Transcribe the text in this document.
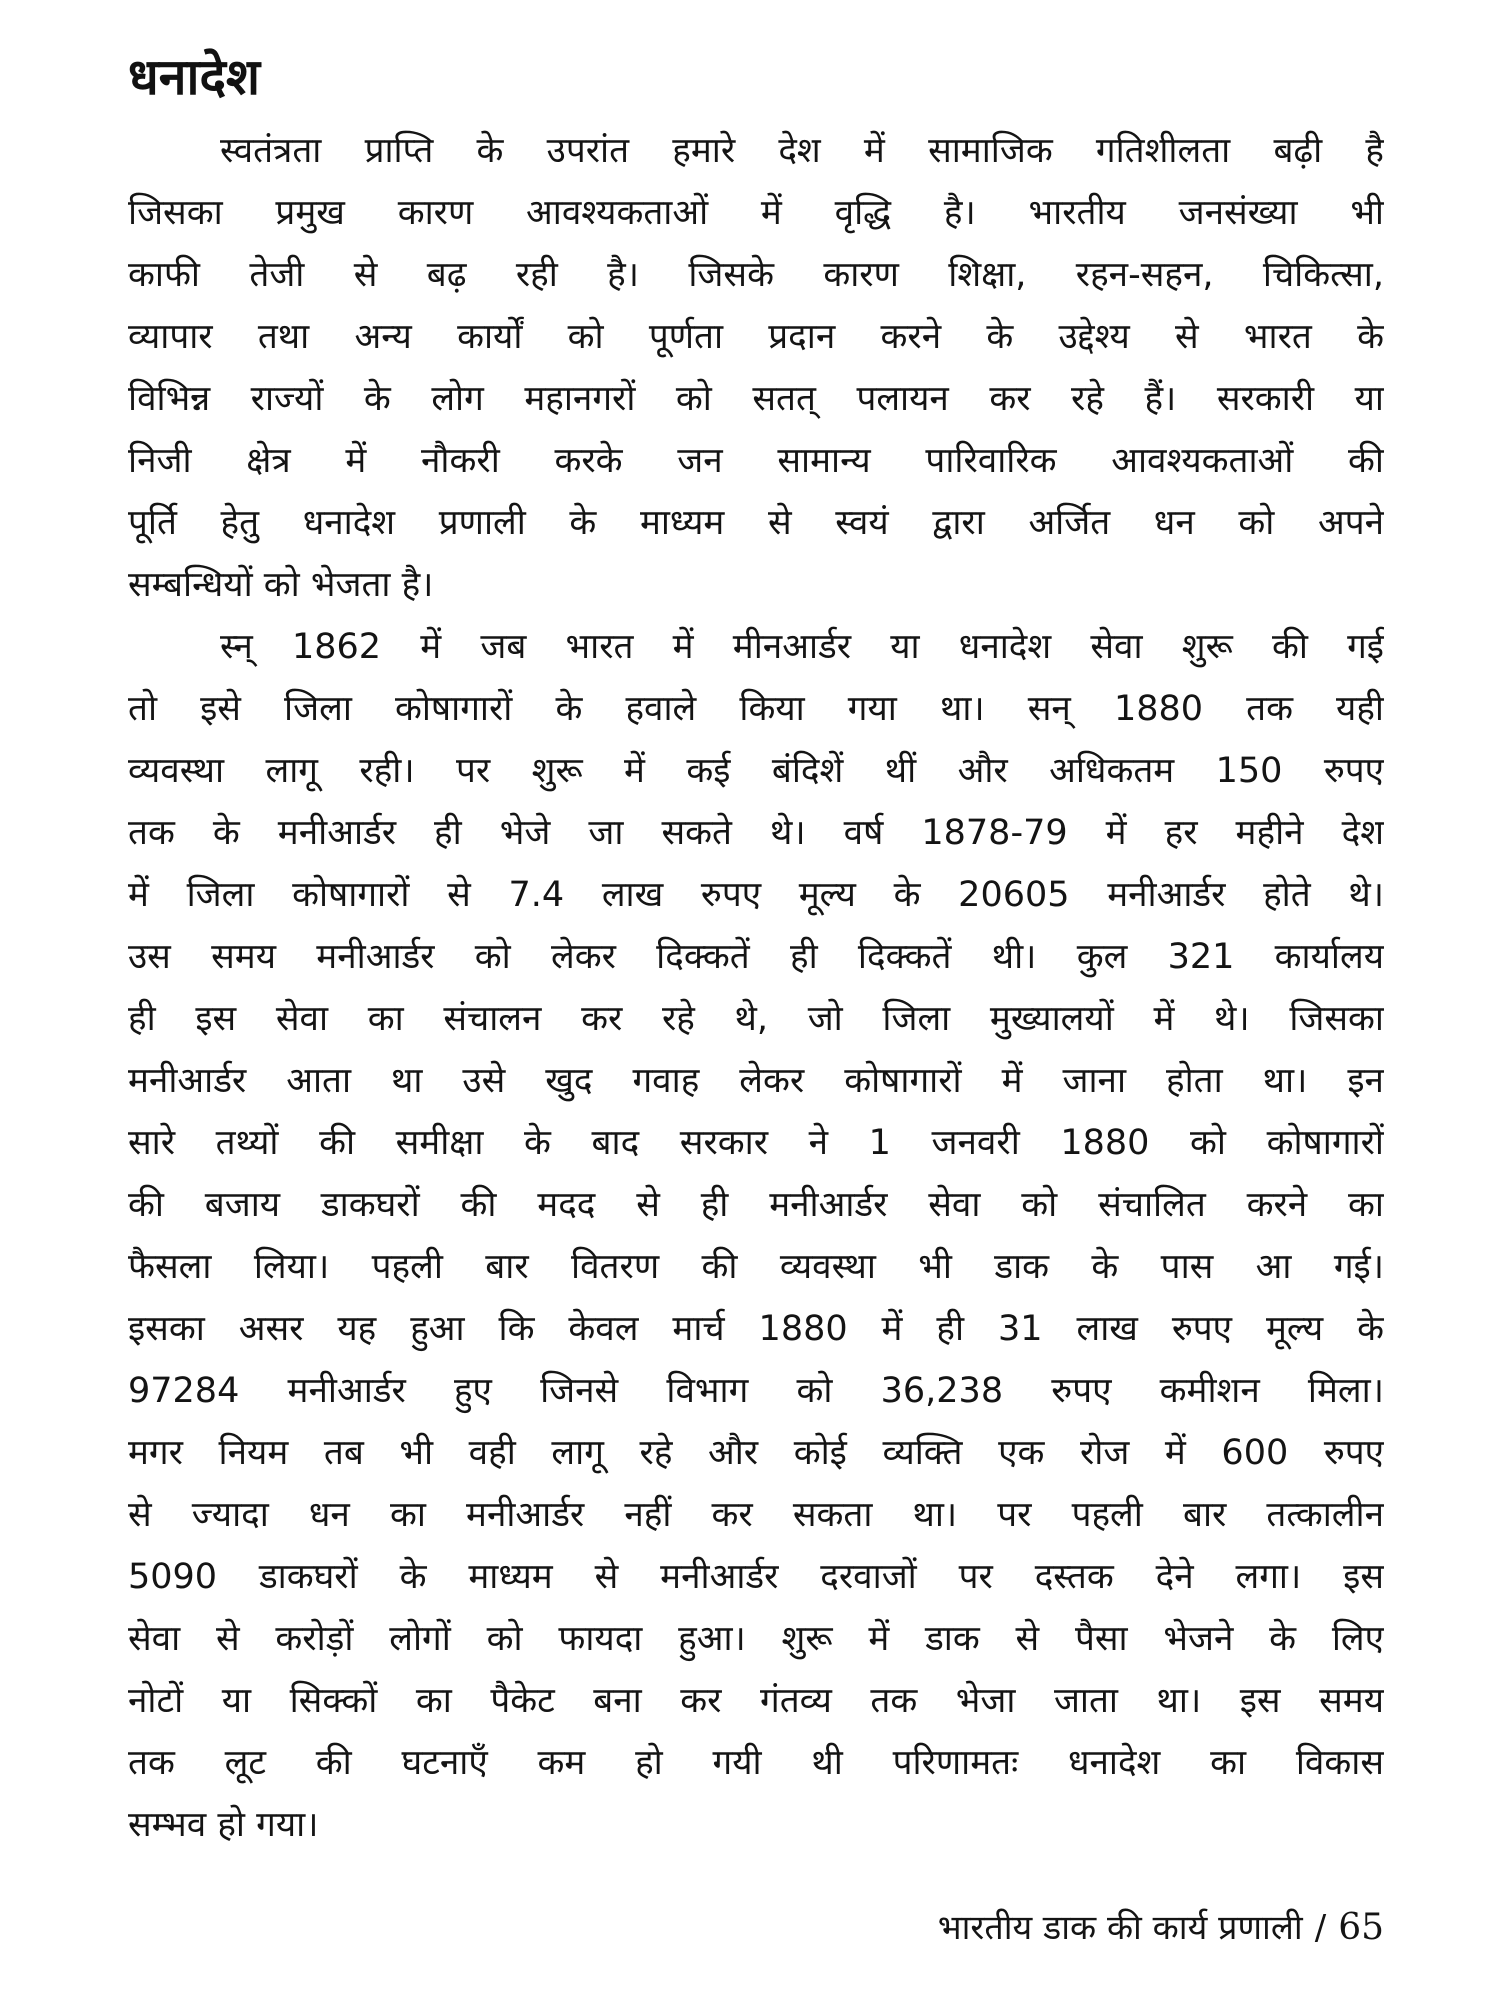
धनादेश

स्वतंत्रता प्राप्ति के उपरांत हमारे देश में सामाजिक गतिशीलता बढ़ी है
जिसका प्रमुख कारण आवश्यकताओं में वृद्धि है। भारतीय जनसंख्या भी
काफी तेजी से बढ़ रही है। जिसके कारण शिक्षा, रहन-सहन, चिकित्सा,
व्यापार तथा अन्य कार्यों को पूर्णता प्रदान करने के उद्देश्य से भारत के
विभिन्न राज्यों के लोग महानगरों को सतत् पलायन कर रहे हैं। सरकारी या
निजी क्षेत्र में नौकरी करके जन सामान्य पारिवारिक आवश्यकताओं की
पूर्ति हेतु धनादेश प्रणाली के माध्यम से स्वयं द्वारा अर्जित धन को अपने
सम्बन्धियों को भेजता है।

स्न् 1862 में जब भारत में मीनआर्डर या धनादेश सेवा शुरू की गई
तो इसे जिला कोषागारों के हवाले किया गया था। सन् 1880 तक यही
व्यवस्था लागू रही। पर शुरू में कई बंदिशें थीं और अधिकतम 150 रुपए
तक के मनीआर्डर ही भेजे जा सकते थे। वर्ष 1878-79 में हर महीने देश
में जिला कोषागारों से 7.4 लाख रुपए मूल्य के 20605 मनीआर्डर होते थे।
उस समय मनीआर्डर को लेकर दिक्कतें ही दिक्कतें थी। कुल 321 कार्यालय
ही इस सेवा का संचालन कर रहे थे, जो जिला मुख्यालयों में थे। जिसका
मनीआर्डर आता था उसे खुद गवाह लेकर कोषागारों में जाना होता था। इन
सारे तथ्यों की समीक्षा के बाद सरकार ने 1 जनवरी 1880 को कोषागारों
की बजाय डाकघरों की मदद से ही मनीआर्डर सेवा को संचालित करने का
फैसला लिया। पहली बार वितरण की व्यवस्था भी डाक के पास आ गई।
इसका असर यह हुआ कि केवल मार्च 1880 में ही 31 लाख रुपए मूल्य के
97284 मनीआर्डर हुए जिनसे विभाग को 36,238 रुपए कमीशन मिला।
मगर नियम तब भी वही लागू रहे और कोई व्यक्ति एक रोज में 600 रुपए
से ज्यादा धन का मनीआर्डर नहीं कर सकता था। पर पहली बार तत्कालीन
5090 डाकघरों के माध्यम से मनीआर्डर दरवाजों पर दस्तक देने लगा। इस
सेवा से करोड़ों लोगों को फायदा हुआ। शुरू में डाक से पैसा भेजने के लिए
नोटों या सिक्कों का पैकेट बना कर गंतव्य तक भेजा जाता था। इस समय
तक लूट की घटनाएँ कम हो गयी थी परिणामतः धनादेश का विकास
सम्भव हो गया।

भारतीय डाक की कार्य प्रणाली / 65
